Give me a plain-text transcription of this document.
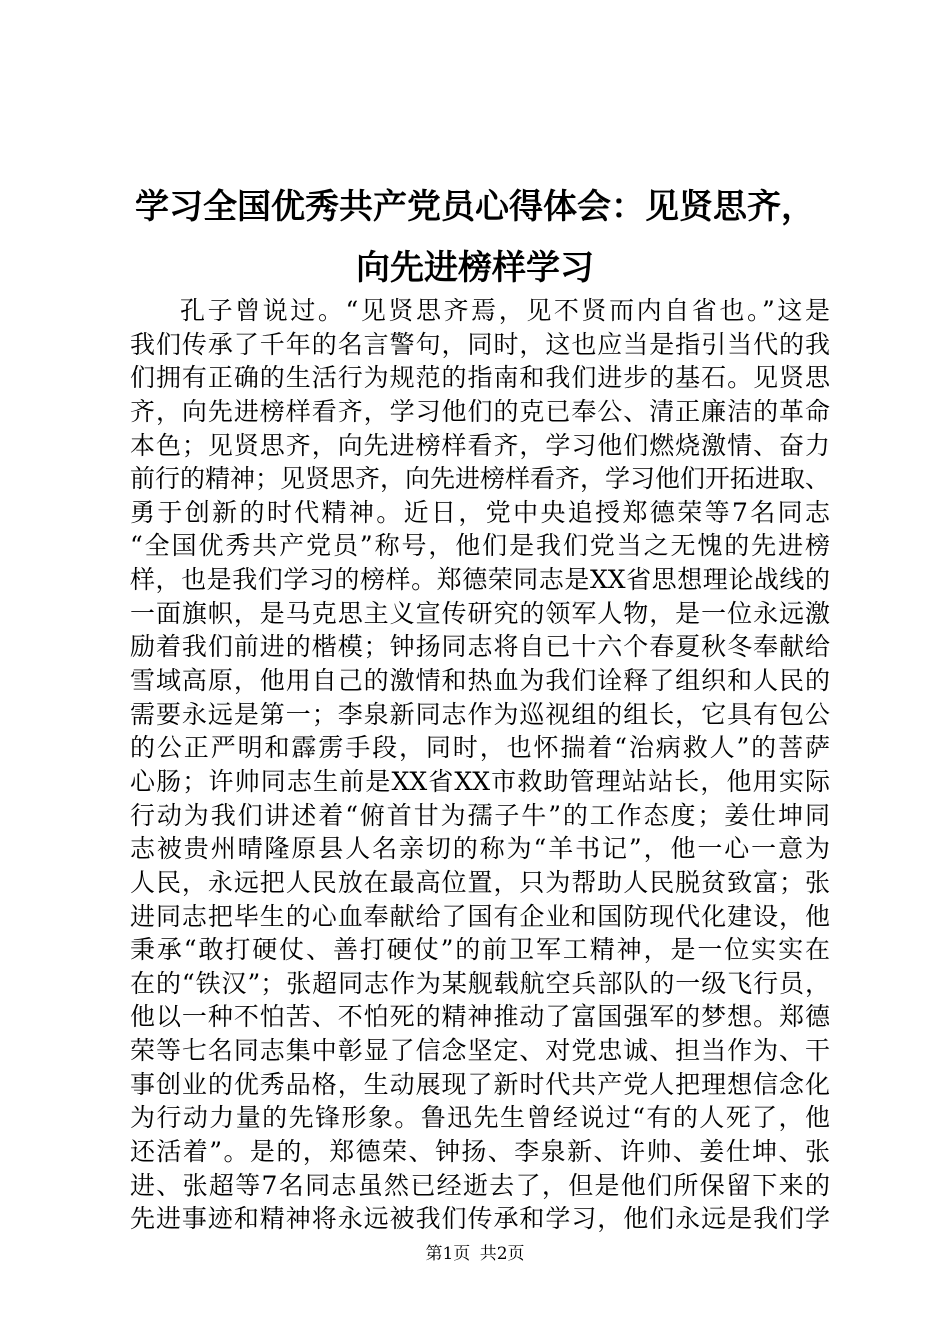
学习全国优秀共产党员心得体会：见贤思齐，
向先进榜样学习
孔子曾说过。“见贤思齐焉，见不贤而内自省也。”这是
我们传承了千年的名言警句，同时，这也应当是指引当代的我
们拥有正确的生活行为规范的指南和我们进步的基石。见贤思
齐，向先进榜样看齐，学习他们的克已奉公、清正廉洁的革命
本色；见贤思齐，向先进榜样看齐，学习他们燃烧激情、奋力
前行的精神；见贤思齐，向先进榜样看齐，学习他们开拓进取、
勇于创新的时代精神。近日，党中央追授郑德荣等7名同志
“全国优秀共产党员”称号，他们是我们党当之无愧的先进榜
样，也是我们学习的榜样。郑德荣同志是XX省思想理论战线的
一面旗帜，是马克思主义宣传研究的领军人物，是一位永远激
励着我们前进的楷模；钟扬同志将自已十六个春夏秋冬奉献给
雪域高原，他用自己的激情和热血为我们诠释了组织和人民的
需要永远是第一；李泉新同志作为巡视组的组长，它具有包公
的公正严明和霹雳手段，同时，也怀揣着“治病救人”的菩萨
心肠；许帅同志生前是XX省XX市救助管理站站长，他用实际
行动为我们讲述着“俯首甘为孺子牛”的工作态度；姜仕坤同
志被贵州晴隆原县人名亲切的称为“羊书记”，他一心一意为
人民，永远把人民放在最高位置，只为帮助人民脱贫致富；张
进同志把毕生的心血奉献给了国有企业和国防现代化建设，他
秉承“敢打硬仗、善打硬仗”的前卫军工精神，是一位实实在
在的“铁汉”；张超同志作为某舰载航空兵部队的一级飞行员，
他以一种不怕苦、不怕死的精神推动了富国强军的梦想。郑德
荣等七名同志集中彰显了信念坚定、对党忠诚、担当作为、干
事创业的优秀品格，生动展现了新时代共产党人把理想信念化
为行动力量的先锋形象。鲁迅先生曾经说过“有的人死了，他
还活着”。是的，郑德荣、钟扬、李泉新、许帅、姜仕坤、张
进、张超等7名同志虽然已经逝去了，但是他们所保留下来的
先进事迹和精神将永远被我们传承和学习，他们永远是我们学
第1页 共2页
